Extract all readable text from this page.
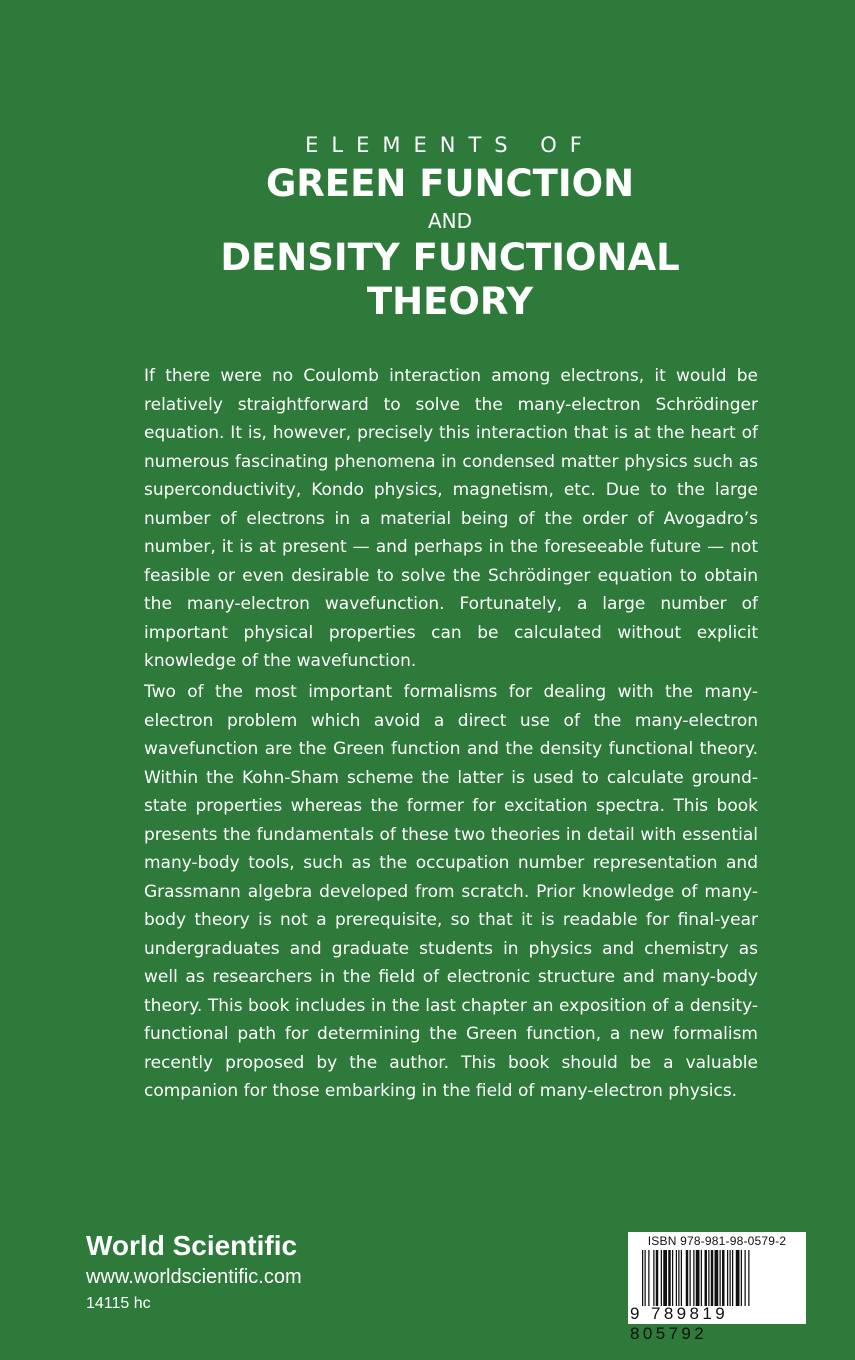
ELEMENTS OF

GREEN FUNCTION

AND

DENSITY FUNCTIONAL

THEORY

If there were no Coulomb interaction among electrons, it would be relatively straightforward to solve the many-electron Schrödinger equation. It is, however, precisely this interaction that is at the heart of numerous fascinating phenomena in condensed matter physics such as superconductivity, Kondo physics, magnetism, etc. Due to the large number of electrons in a material being of the order of Avogadro’s number, it is at present — and perhaps in the foreseeable future — not feasible or even desirable to solve the Schrödinger equation to obtain the many-electron wavefunction. Fortunately, a large number of important physical properties can be calculated without explicit knowledge of the wavefunction.

Two of the most important formalisms for dealing with the many-electron problem which avoid a direct use of the many-electron wavefunction are the Green function and the density functional theory. Within the Kohn-Sham scheme the latter is used to calculate ground-state properties whereas the former for excitation spectra. This book presents the fundamentals of these two theories in detail with essential many-body tools, such as the occupation number representation and Grassmann algebra developed from scratch. Prior knowledge of many-body theory is not a prerequisite, so that it is readable for final-year undergraduates and graduate students in physics and chemistry as well as researchers in the field of electronic structure and many-body theory. This book includes in the last chapter an exposition of a density-functional path for determining the Green function, a new formalism recently proposed by the author. This book should be a valuable companion for those embarking in the field of many-electron physics.

World Scientific

www.worldscientific.com

14115 hc

ISBN 978-981-98-0579-2
9 789819 805792
